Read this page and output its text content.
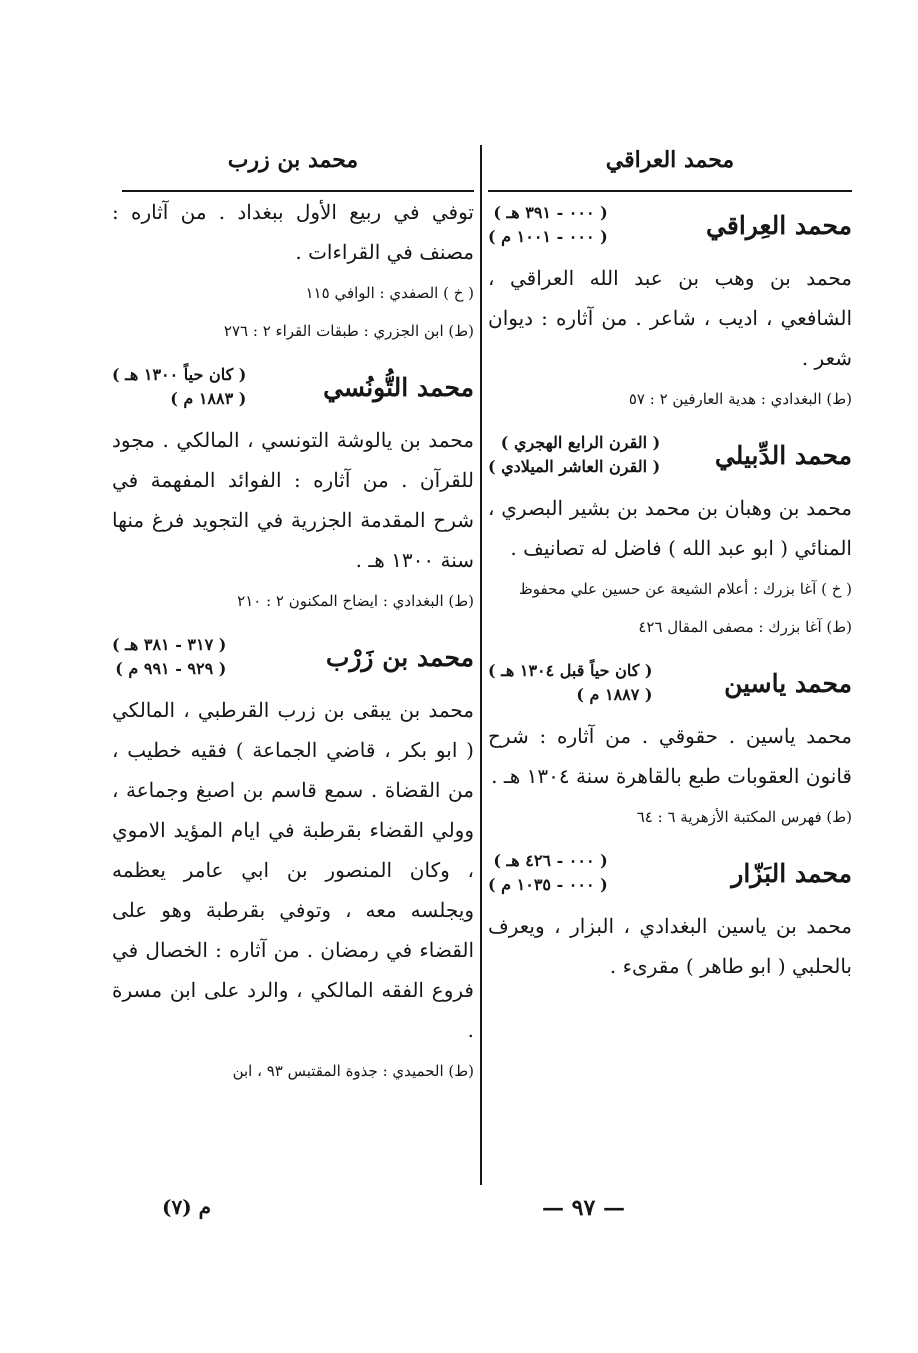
محمد العراقي
محمد العِراقي
( ٠٠٠ - ٣٩١ هـ )
( ٠٠٠ - ١٠٠١ م )
محمد بن وهب بن عبد الله العراقي ، الشافعي ، اديب ، شاعر . من آثاره : ديوان شعر .
(ط) البغدادي : هدية العارفين ٢ : ٥٧
محمد الدِّبيلي
( القرن الرابع الهجري )
( القرن العاشر الميلادي )
محمد بن وهبان بن محمد بن بشير البصري ، المنائي ( ابو عبد الله ) فاضل له تصانيف .
( خ ) آغا بزرك : أعلام الشيعة عن حسين علي محفوظ
(ط) آغا بزرك : مصفى المقال ٤٢٦
محمد ياسين
( كان حياً قبل ١٣٠٤ هـ )
( ١٨٨٧ م )
محمد ياسين . حقوقي . من آثاره : شرح قانون العقوبات طبع بالقاهرة سنة ١٣٠٤ هـ .
(ط) فهرس المكتبة الأزهرية ٦ : ٦٤
محمد البَزّار
( ٠٠٠ - ٤٢٦ هـ )
( ٠٠٠ - ١٠٣٥ م )
محمد بن ياسين البغدادي ، البزار ، ويعرف بالحلبي ( ابو طاهر ) مقرىء .
محمد بن زرب
توفي في ربيع الأول ببغداد . من آثاره : مصنف في القراءات .
( خ ) الصفدي : الوافي ١١٥
(ط) ابن الجزري : طبقات القراء ٢ : ٢٧٦
محمد التُّونُسي
( كان حياً ١٣٠٠ هـ )
( ١٨٨٣ م )
محمد بن يالوشة التونسي ، المالكي . مجود للقرآن . من آثاره : الفوائد المفهمة في شرح المقدمة الجزرية في التجويد فرغ منها سنة ١٣٠٠ هـ .
(ط) البغدادي : ايضاح المكنون ٢ : ٢١٠
محمد بن زَرْب
( ٣١٧ - ٣٨١ هـ )
( ٩٢٩ - ٩٩١ م )
محمد بن يبقى بن زرب القرطبي ، المالكي ( ابو بكر ، قاضي الجماعة ) فقيه خطيب ، من القضاة . سمع قاسم بن اصبغ وجماعة ، وولي القضاء بقرطبة في ايام المؤيد الاموي ، وكان المنصور بن ابي عامر يعظمه ويجلسه معه ، وتوفي بقرطبة وهو على القضاء في رمضان . من آثاره : الخصال في فروع الفقه المالكي ، والرد على ابن مسرة .
(ط) الحميدي : جذوة المقتبس ٩٣ ، ابن
— ٩٧ —
م (٧)
